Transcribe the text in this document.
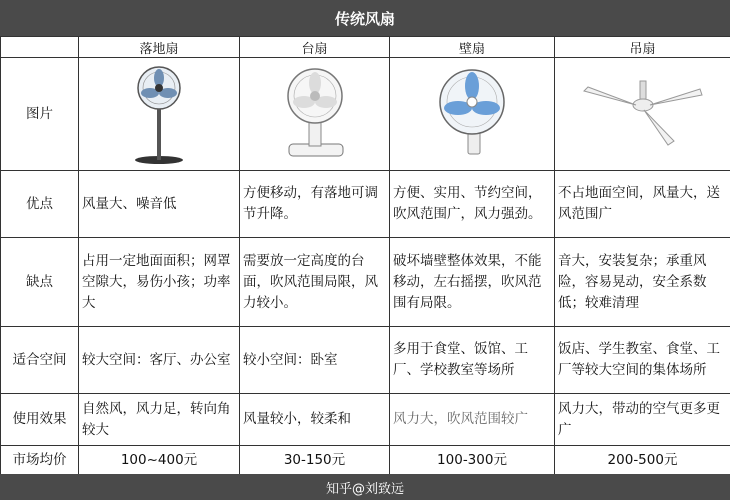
传统风扇
	落地扇	台扇	壁扇	吊扇
图片	

优点	风量大、噪音低	方便移动，有落地可调节升降。	方便、实用、节约空间，吹风范围广，风力强劲。	不占地面空间，风量大，送风范围广
缺点	占用一定地面面积；网罩空隙大，易伤小孩；功率大	需要放一定高度的台面，吹风范围局限，风力较小。	破坏墙壁整体效果，不能移动，左右摇摆，吹风范围有局限。	音大，安装复杂；承重风险，容易晃动，安全系数低；较难清理
适合空间	较大空间：客厅、办公室	较小空间：卧室	多用于食堂、饭馆、工厂、学校教室等场所	饭店、学生教室、食堂、工厂等较大空间的集体场所
使用效果	自然风，风力足，转向角较大	风量较小，较柔和	风力大，吹风范围较广	风力大，带动的空气更多更广
市场均价	100~400元	30-150元	100-300元	200-500元
知乎@刘致远
